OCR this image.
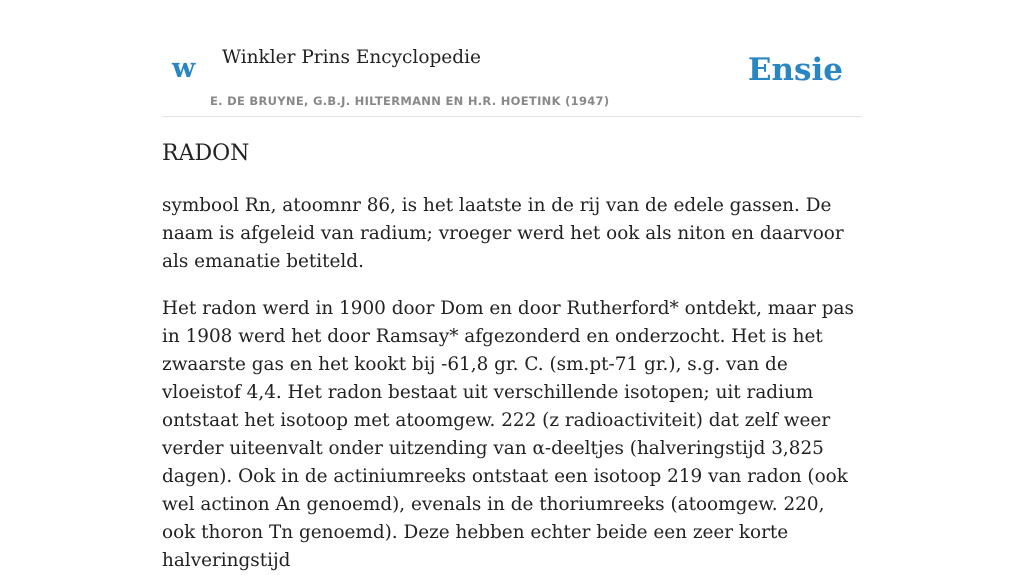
w Winkler Prins Encyclopedie
E. DE BRUYNE, G.B.J. HILTERMANN EN H.R. HOETINK (1947)
Ensie
RADON

symbool Rn, atoomnr 86, is het laatste in de rij van de edele gassen. De naam is afgeleid van radium; vroeger werd het ook als niton en daarvoor als emanatie betiteld.

Het radon werd in 1900 door Dom en door Rutherford* ontdekt, maar pas in 1908 werd het door Ramsay* afgezonderd en onderzocht. Het is het zwaarste gas en het kookt bij -61,8 gr. C. (sm.pt-71 gr.), s.g. van de vloeistof 4,4. Het radon bestaat uit verschillende isotopen; uit radium ontstaat het isotoop met atoomgew. 222 (z radioactiviteit) dat zelf weer verder uiteenvalt onder uitzending van α-deeltjes (halveringstijd 3,825 dagen). Ook in de actiniumreeks ontstaat een isotoop 219 van radon (ook wel actinon An genoemd), evenals in de thoriumreeks (atoomgew. 220, ook thoron Tn genoemd). Deze hebben echter beide een zeer korte halveringstijd
